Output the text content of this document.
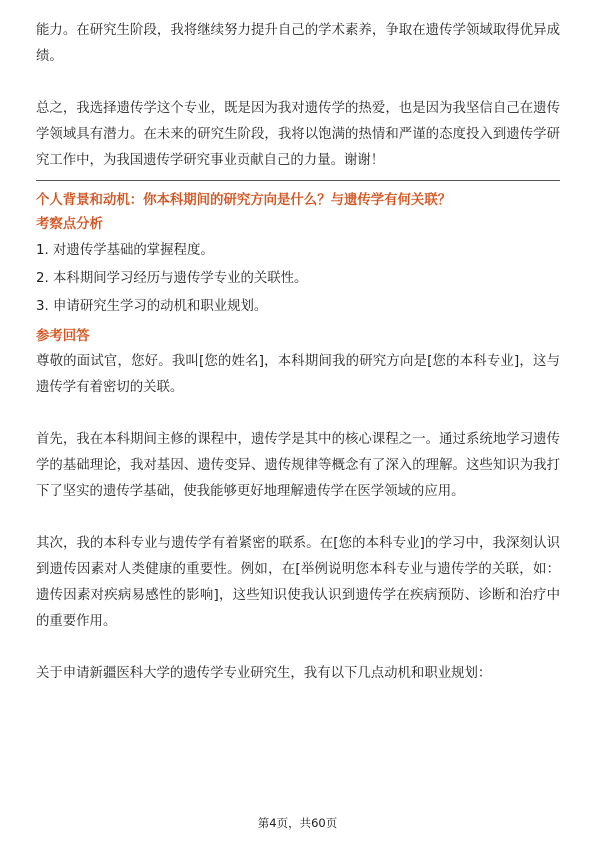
能力。在研究生阶段，我将继续努力提升自己的学术素养，争取在遗传学领域取得优异成绩。

总之，我选择遗传学这个专业，既是因为我对遗传学的热爱，也是因为我坚信自己在遗传学领域具有潜力。在未来的研究生阶段，我将以饱满的热情和严谨的态度投入到遗传学研究工作中，为我国遗传学研究事业贡献自己的力量。谢谢！

个人背景和动机：你本科期间的研究方向是什么？与遗传学有何关联？

考察点分析

1. 对遗传学基础的掌握程度。
2. 本科期间学习经历与遗传学专业的关联性。
3. 申请研究生学习的动机和职业规划。

参考回答

尊敬的面试官，您好。我叫[您的姓名]，本科期间我的研究方向是[您的本科专业]，这与遗传学有着密切的关联。

首先，我在本科期间主修的课程中，遗传学是其中的核心课程之一。通过系统地学习遗传学的基础理论，我对基因、遗传变异、遗传规律等概念有了深入的理解。这些知识为我打下了坚实的遗传学基础，使我能够更好地理解遗传学在医学领域的应用。

其次，我的本科专业与遗传学有着紧密的联系。在[您的本科专业]的学习中，我深刻认识到遗传因素对人类健康的重要性。例如，在[举例说明您本科专业与遗传学的关联，如：遗传因素对疾病易感性的影响]，这些知识使我认识到遗传学在疾病预防、诊断和治疗中的重要作用。

关于申请新疆医科大学的遗传学专业研究生，我有以下几点动机和职业规划：

第4页，共60页
